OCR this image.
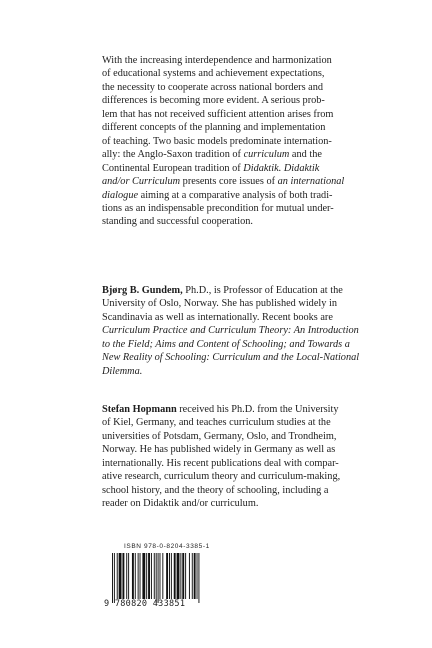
With the increasing interdependence and harmonization
of educational systems and achievement expectations,
the necessity to cooperate across national borders and
differences is becoming more evident. A serious prob-
lem that has not received sufficient attention arises from
different concepts of the planning and implementation
of teaching. Two basic models predominate internation-
ally: the Anglo-Saxon tradition of curriculum and the
Continental European tradition of Didaktik. Didaktik
and/or Curriculum presents core issues of an international
dialogue aiming at a comparative analysis of both tradi-
tions as an indispensable precondition for mutual under-
standing and successful cooperation.

Bjørg B. Gundem, Ph.D., is Professor of Education at the
University of Oslo, Norway. She has published widely in
Scandinavia as well as internationally. Recent books are
Curriculum Practice and Curriculum Theory: An Introduction
to the Field; Aims and Content of Schooling; and Towards a
New Reality of Schooling: Curriculum and the Local-National
Dilemma.

Stefan Hopmann received his Ph.D. from the University
of Kiel, Germany, and teaches curriculum studies at the
universities of Potsdam, Germany, Oslo, and Trondheim,
Norway. He has published widely in Germany as well as
internationally. His recent publications deal with compar-
ative research, curriculum theory and curriculum-making,
school history, and the theory of schooling, including a
reader on Didaktik and/or curriculum.

ISBN 978-0-8204-3385-1
9 780820 433851
